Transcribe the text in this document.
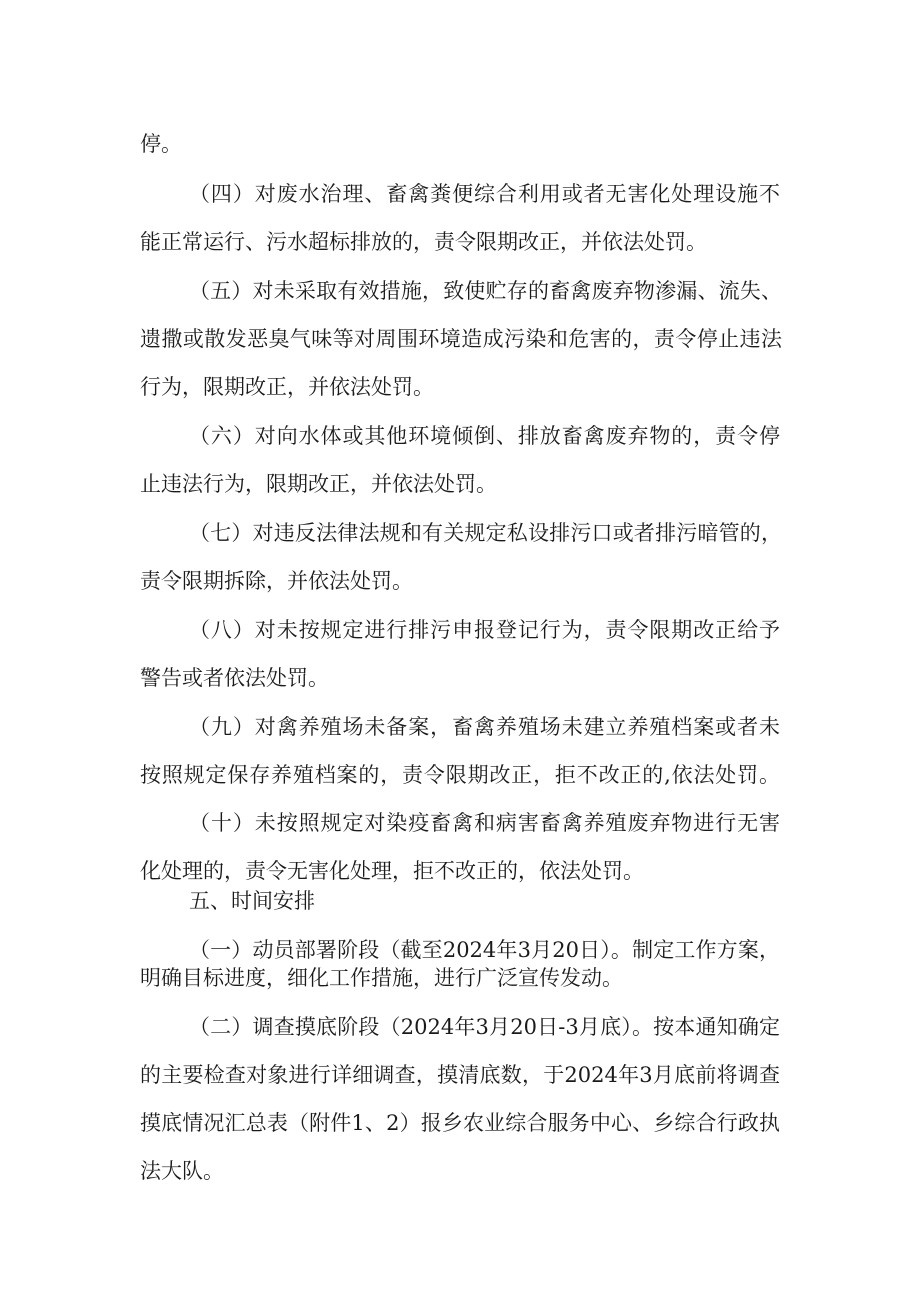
停。
（四）对废水治理、畜禽粪便综合利用或者无害化处理设施不
能正常运行、污水超标排放的，责令限期改正，并依法处罚。
（五）对未采取有效措施，致使贮存的畜禽废弃物渗漏、流失、
遗撒或散发恶臭气味等对周围环境造成污染和危害的，责令停止违法
行为，限期改正，并依法处罚。
（六）对向水体或其他环境倾倒、排放畜禽废弃物的，责令停
止违法行为，限期改正，并依法处罚。
（七）对违反法律法规和有关规定私设排污口或者排污暗管的，
责令限期拆除，并依法处罚。
（八）对未按规定进行排污申报登记行为，责令限期改正给予
警告或者依法处罚。
（九）对禽养殖场未备案，畜禽养殖场未建立养殖档案或者未
按照规定保存养殖档案的，责令限期改正，拒不改正的,依法处罚。
（十）未按照规定对染疫畜禽和病害畜禽养殖废弃物进行无害
化处理的，责令无害化处理，拒不改正的，依法处罚。
五、时间安排
（一）动员部署阶段（截至2024年3月20日）。制定工作方案，
明确目标进度，细化工作措施，进行广泛宣传发动。
（二）调查摸底阶段（2024年3月20日-3月底）。按本通知确定
的主要检查对象进行详细调查，摸清底数，于2024年3月底前将调查
摸底情况汇总表（附件1、2）报乡农业综合服务中心、乡综合行政执
法大队。
